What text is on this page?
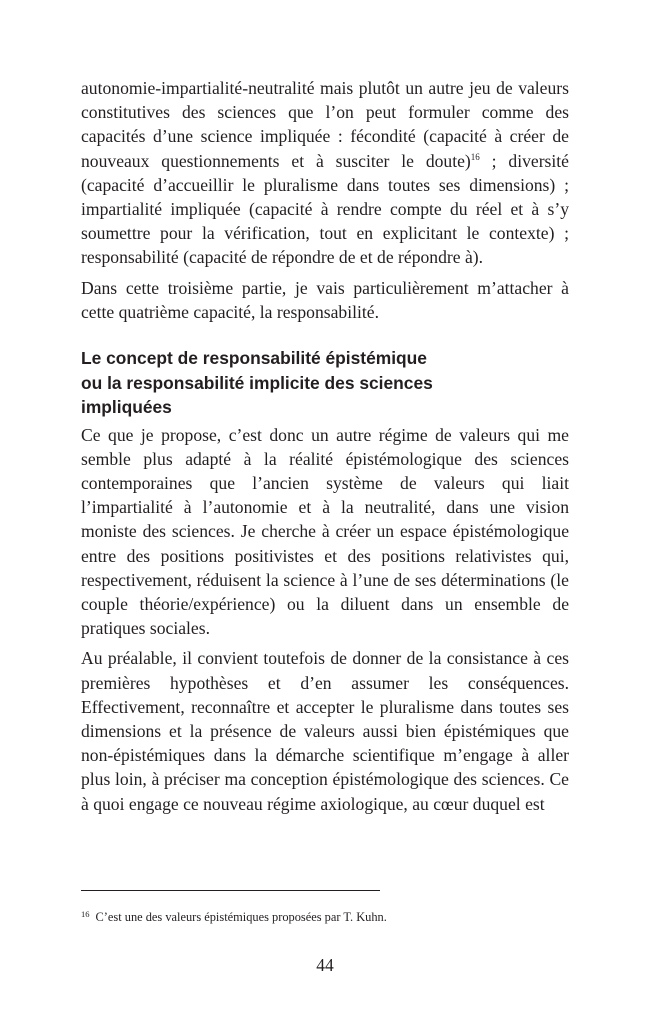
autonomie-impartialité-neutralité mais plutôt un autre jeu de valeurs constitutives des sciences que l’on peut formuler comme des capacités d’une science impliquée : fécondité (capacité à créer de nouveaux questionnements et à susciter le doute)$^{16}$ ; diversité (capacité d’accueillir le pluralisme dans toutes ses dimensions) ; impartialité impliquée (capacité à rendre compte du réel et à s’y soumettre pour la vérification, tout en explicitant le contexte) ; responsabilité (capacité de répondre de et de répondre à).

Dans cette troisième partie, je vais particulièrement m’attacher à cette quatrième capacité, la responsabilité.

Le concept de responsabilité épistémique
ou la responsabilité implicite des sciences
impliquées

Ce que je propose, c’est donc un autre régime de valeurs qui me semble plus adapté à la réalité épistémologique des sciences contemporaines que l’ancien système de valeurs qui liait l’impartialité à l’autonomie et à la neutralité, dans une vision moniste des sciences. Je cherche à créer un espace épistémologique entre des positions positivistes et des positions relativistes qui, respectivement, réduisent la science à l’une de ses déterminations (le couple théorie/expérience) ou la diluent dans un ensemble de pratiques sociales.

Au préalable, il convient toutefois de donner de la consistance à ces premières hypothèses et d’en assumer les conséquences. Effectivement, reconnaître et accepter le pluralisme dans toutes ses dimensions et la présence de valeurs aussi bien épistémiques que non-épistémiques dans la démarche scientifique m’engage à aller plus loin, à préciser ma conception épistémologique des sciences. Ce à quoi engage ce nouveau régime axiologique, au cœur duquel est

$^{16}$ C’est une des valeurs épistémiques proposées par T. Kuhn.
44
